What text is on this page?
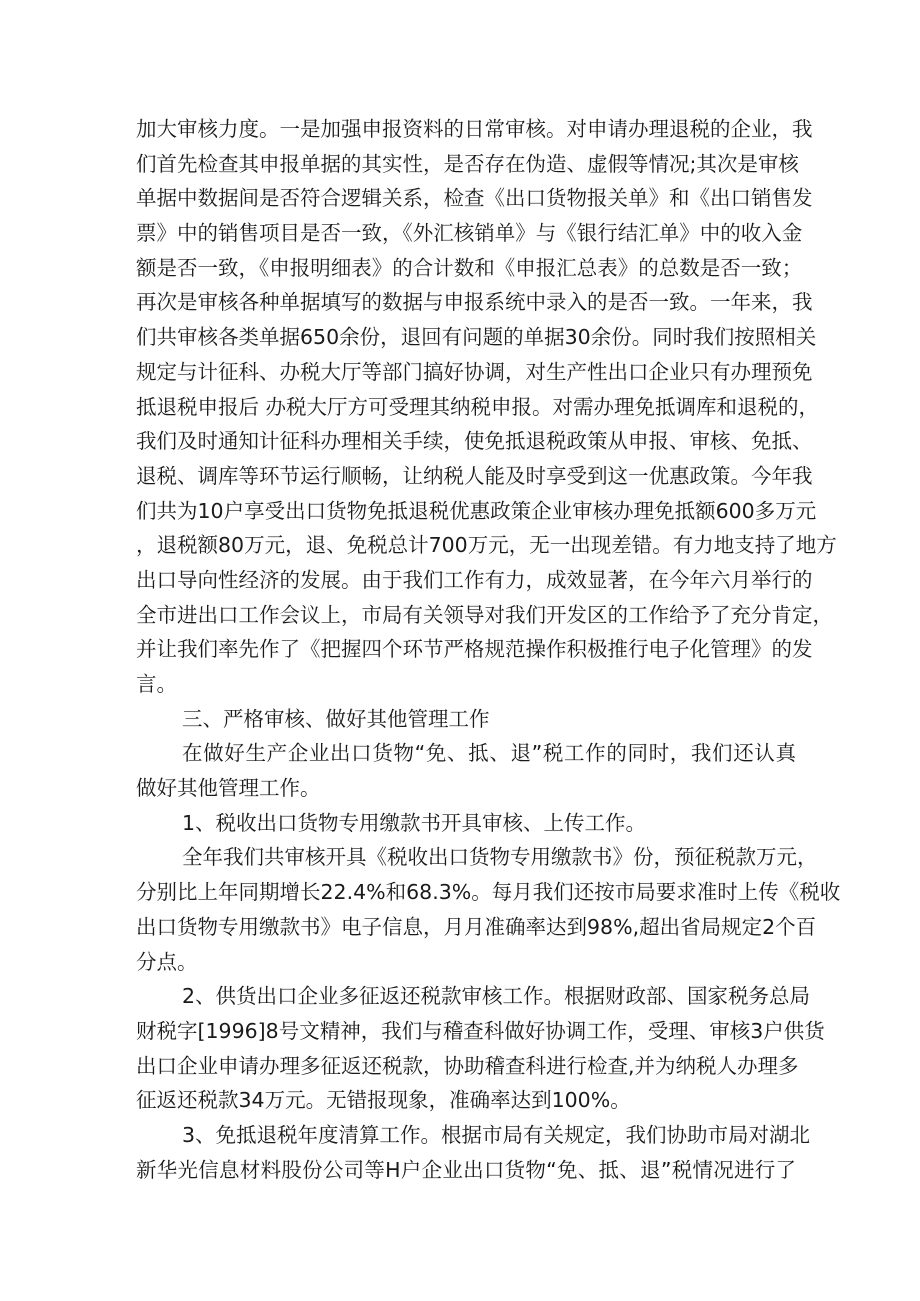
加大审核力度。一是加强申报资料的日常审核。对申请办理退税的企业，我
们首先检查其申报单据的其实性，是否存在伪造、虚假等情况;其次是审核
单据中数据间是否符合逻辑关系，检查《出口货物报关单》和《出口销售发
票》中的销售项目是否一致，《外汇核销单》与《银行结汇单》中的收入金
额是否一致，《申报明细表》的合计数和《申报汇总表》的总数是否一致；
再次是审核各种单据填写的数据与申报系统中录入的是否一致。一年来，我
们共审核各类单据650余份，退回有问题的单据30余份。同时我们按照相关
规定与计征科、办税大厅等部门搞好协调，对生产性出口企业只有办理预免
抵退税申报后 办税大厅方可受理其纳税申报。对需办理免抵调库和退税的，
我们及时通知计征科办理相关手续，使免抵退税政策从申报、审核、免抵、
退税、调库等环节运行顺畅，让纳税人能及时享受到这一优惠政策。今年我
们共为10户享受出口货物免抵退税优惠政策企业审核办理免抵额600多万元
，退税额80万元，退、免税总计700万元，无一出现差错。有力地支持了地方
出口导向性经济的发展。由于我们工作有力，成效显著，在今年六月举行的
全市进出口工作会议上，市局有关领导对我们开发区的工作给予了充分肯定，
并让我们率先作了《把握四个环节严格规范操作积极推行电子化管理》的发
言。
三、严格审核、做好其他管理工作
在做好生产企业出口货物“免、抵、退”税工作的同时，我们还认真
做好其他管理工作。
1、税收出口货物专用缴款书开具审核、上传工作。
全年我们共审核开具《税收出口货物专用缴款书》份，预征税款万元，
分别比上年同期增长22.4%和68.3%。每月我们还按市局要求准时上传《税收
出口货物专用缴款书》电子信息，月月准确率达到98%,超出省局规定2个百
分点。
2、供货出口企业多征返还税款审核工作。根据财政部、国家税务总局
财税字[1996]8号文精神，我们与稽查科做好协调工作，受理、审核3户供货
出口企业申请办理多征返还税款，协助稽查科进行检查,并为纳税人办理多
征返还税款34万元。无错报现象，准确率达到100%。
3、免抵退税年度清算工作。根据市局有关规定，我们协助市局对湖北
新华光信息材料股份公司等H户企业出口货物“免、抵、退”税情况进行了
